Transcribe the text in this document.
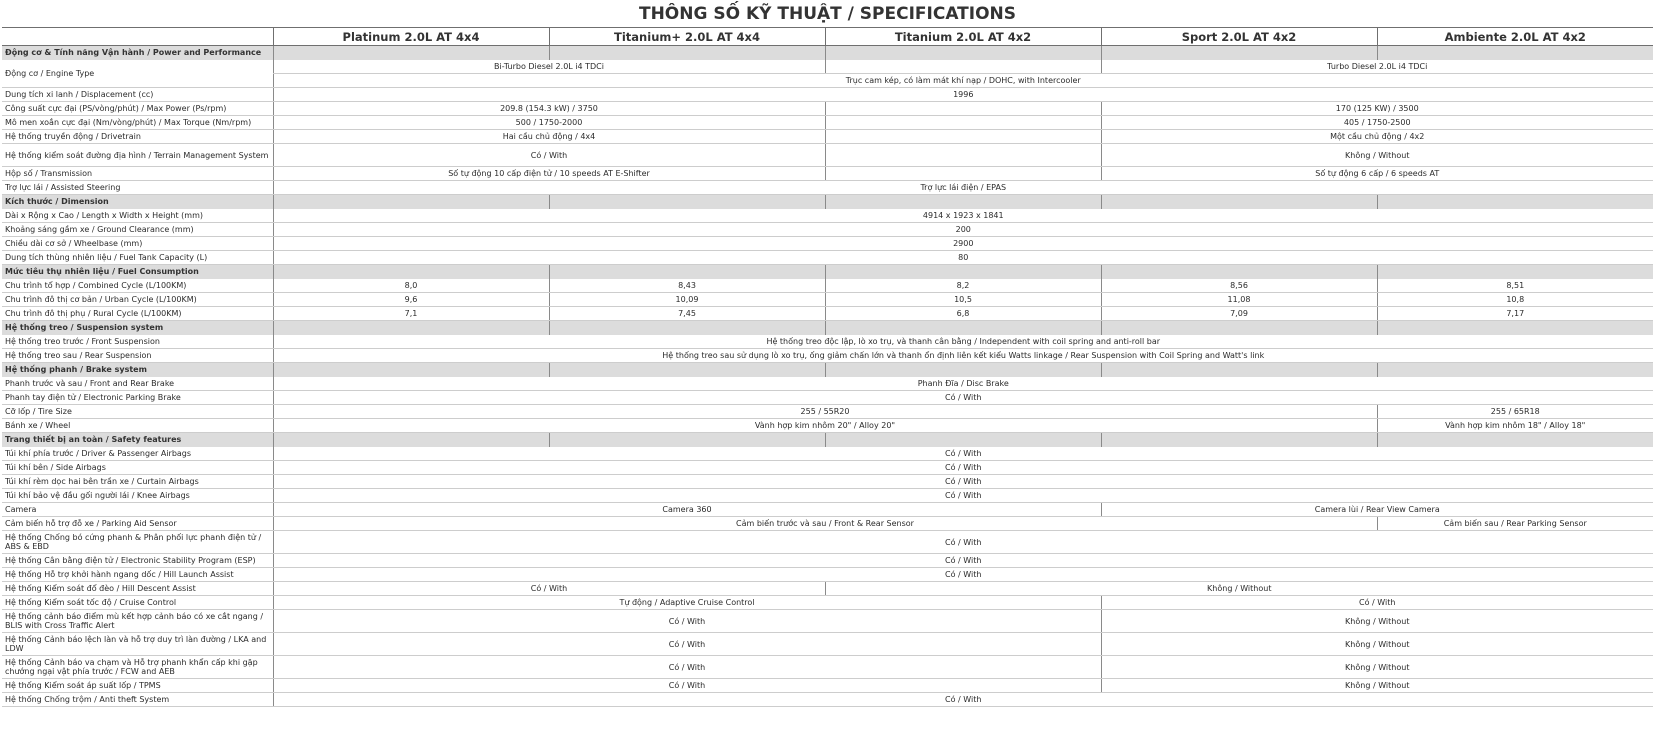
THÔNG SỐ KỸ THUẬT / SPECIFICATIONS
	Platinum 2.0L AT 4x4	Titanium+ 2.0L AT 4x4	Titanium 2.0L AT 4x2	Sport 2.0L AT 4x2	Ambiente 2.0L AT 4x2
Động cơ & Tính năng Vận hành / Power and Performance					
Động cơ / Engine Type	Bi-Turbo Diesel 2.0L i4 TDCi			Turbo Diesel 2.0L i4 TDCi	
	Trục cam kép, có làm mát khí nạp / DOHC, with Intercooler				
Dung tích xi lanh / Displacement (cc)	1996				
Công suất cực đại (PS/vòng/phút) / Max Power (Ps/rpm)	209.8 (154.3 kW) / 3750			170 (125 KW) / 3500	
Mô men xoắn cực đại (Nm/vòng/phút) / Max Torque (Nm/rpm)	500 / 1750-2000			405 / 1750-2500	
Hệ thống truyền động / Drivetrain	Hai cầu chủ động / 4x4			Một cầu chủ động / 4x2	
Hệ thống kiểm soát đường địa hình / Terrain Management System	Có / With			Không / Without	
Hộp số / Transmission	Số tự động 10 cấp điện tử / 10 speeds AT E-Shifter			Số tự động 6 cấp / 6 speeds AT	
Trợ lực lái / Assisted Steering	Trợ lực lái điện / EPAS				
Kích thước / Dimension					
Dài x Rộng x Cao / Length x Width x Height (mm)	4914 x 1923 x 1841				
Khoảng sáng gầm xe / Ground Clearance (mm)	200				
Chiều dài cơ sở / Wheelbase (mm)	2900				
Dung tích thùng nhiên liệu / Fuel Tank Capacity (L)	80				
Mức tiêu thụ nhiên liệu / Fuel Consumption					
Chu trình tổ hợp / Combined Cycle (L/100KM)	8,0	8,43	8,2	8,56	8,51
Chu trình đô thị cơ bản / Urban Cycle (L/100KM)	9,6	10,09	10,5	11,08	10,8
Chu trình đô thị phụ / Rural Cycle (L/100KM)	7,1	7,45	6,8	7,09	7,17
Hệ thống treo / Suspension system					
Hệ thống treo trước / Front Suspension	Hệ thống treo độc lập, lò xo trụ, và thanh cân bằng / Independent with coil spring and anti-roll bar				
Hệ thống treo sau / Rear Suspension	Hệ thống treo sau sử dụng lò xo trụ, ống giảm chấn lớn và thanh ổn định liên kết kiểu Watts linkage / Rear Suspension with Coil Spring and Watt's link				
Hệ thống phanh / Brake system					
Phanh trước và sau / Front and Rear Brake	Phanh Đĩa / Disc Brake				
Phanh tay điện tử / Electronic Parking Brake	Có / With				
Cỡ lốp / Tire Size	255 / 55R20				255 / 65R18
Bánh xe / Wheel	Vành hợp kim nhôm 20" / Alloy 20"				Vành hợp kim nhôm 18" / Alloy 18"
Trang thiết bị an toàn / Safety features					
Túi khí phía trước / Driver & Passenger Airbags	Có / With				
Túi khí bên / Side Airbags	Có / With				
Túi khí rèm dọc hai bên trần xe / Curtain Airbags	Có / With				
Túi khí bảo vệ đầu gối người lái / Knee Airbags	Có / With				
Camera	Camera 360			Camera lùi / Rear View Camera	
Cảm biến hỗ trợ đỗ xe / Parking Aid Sensor	Cảm biến trước và sau / Front & Rear Sensor				Cảm biến sau / Rear Parking Sensor
Hệ thống Chống bó cứng phanh & Phân phối lực phanh điện tử / ABS & EBD	Có / With				
Hệ thống Cân bằng điện tử / Electronic Stability Program (ESP)	Có / With				
Hệ thống Hỗ trợ khởi hành ngang dốc / Hill Launch Assist	Có / With				
Hệ thống Kiểm soát đổ đèo / Hill Descent Assist	Có / With		Không / Without		
Hệ thống Kiểm soát tốc độ / Cruise Control	Tự động / Adaptive Cruise Control			Có / With	
Hệ thống cảnh báo điểm mù kết hợp cảnh báo có xe cắt ngang / BLIS with Cross Traffic Alert	Có / With			Không / Without	
Hệ thống Cảnh báo lệch làn và hỗ trợ duy trì làn đường / LKA and LDW	Có / With			Không / Without	
Hệ thống Cảnh báo va chạm và Hỗ trợ phanh khẩn cấp khi gặp chướng ngại vật phía trước / FCW and AEB	Có / With			Không / Without	
Hệ thống Kiểm soát áp suất lốp / TPMS	Có / With			Không / Without	
Hệ thống Chống trộm / Anti theft System	Có / With				
